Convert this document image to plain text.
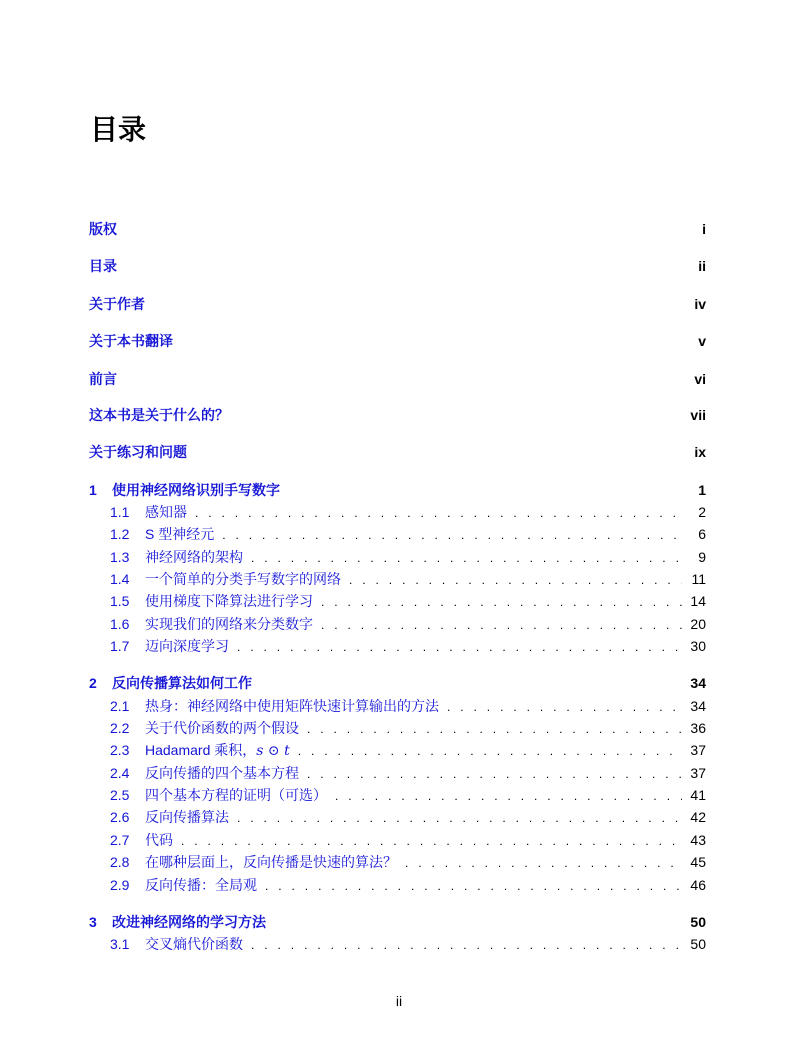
目录
版权	i
目录	ii
关于作者	iv
关于本书翻译	v
前言	vi
这本书是关于什么的？	vii
关于练习和问题	ix
1	使用神经网络识别手写数字	1
1.1	感知器 . . .	2
1.2	S 型神经元 . . .	6
1.3	神经网络的架构 . . .	9
1.4	一个简单的分类手写数字的网络 . . .	11
1.5	使用梯度下降算法进行学习 . . .	14
1.6	实现我们的网络来分类数字 . . .	20
1.7	迈向深度学习 . . .	30
2	反向传播算法如何工作	34
2.1	热身：神经网络中使用矩阵快速计算输出的方法 . . .	34
2.2	关于代价函数的两个假设 . . .	36
2.3	Hadamard 乘积， s ⊙ t . . .	37
2.4	反向传播的四个基本方程 . . .	37
2.5	四个基本方程的证明（可选） . . .	41
2.6	反向传播算法 . . .	42
2.7	代码 . . .	43
2.8	在哪种层面上，反向传播是快速的算法？ . . .	45
2.9	反向传播：全局观 . . .	46
3	改进神经网络的学习方法	50
3.1	交叉熵代价函数 . . .	50
ii
